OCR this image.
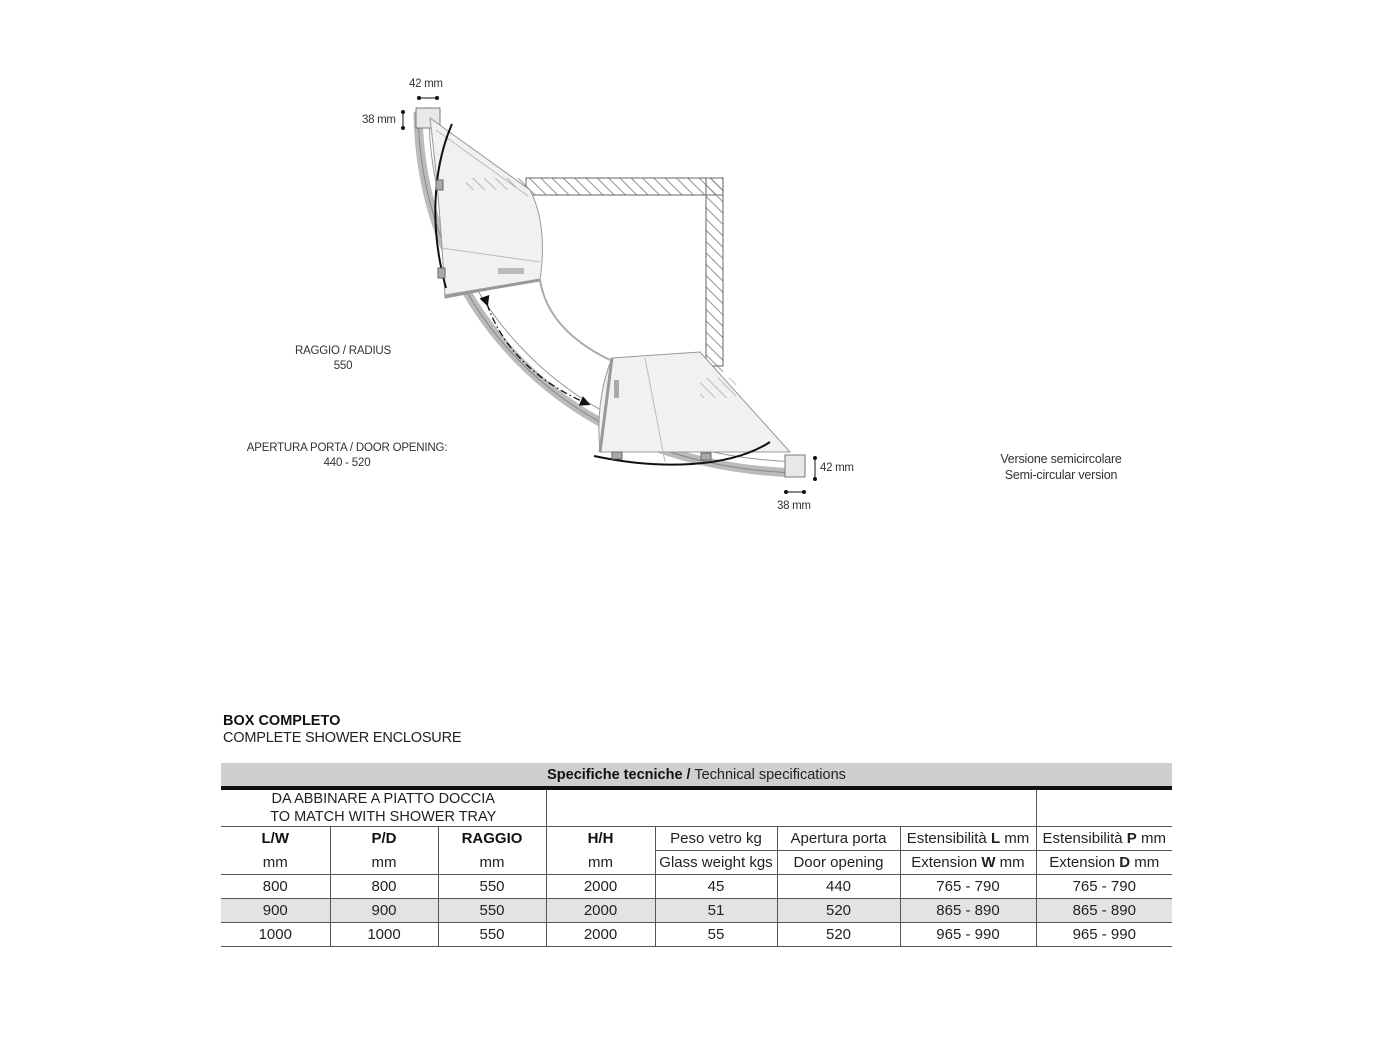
42 mm
38 mm
42 mm
38 mm
RAGGIO / RADIUS
550
APERTURA PORTA / DOOR OPENING:
440 - 520	Versione semicircolare
Semi-circular version
BOX COMPLETO
COMPLETE SHOWER ENCLOSURE
Specifiche tecniche / Technical specifications							

DA ABBINARE A PIATTO DOCCIA
TO MATCH WITH SHOWER TRAY							

L/W	P/D	RAGGIO	H/H	Peso vetro kg	Apertura porta	Estensibilità L mm	Estensibilità P mm
mm	mm	mm	mm	Glass weight kgs	Door opening	Extension W mm	Extension D mm
800	800	550	2000	45	440	765 - 790	765 - 790
900	900	550	2000	51	520	865 - 890	865 - 890
1000	1000	550	2000	55	520	965 - 990	965 - 990
